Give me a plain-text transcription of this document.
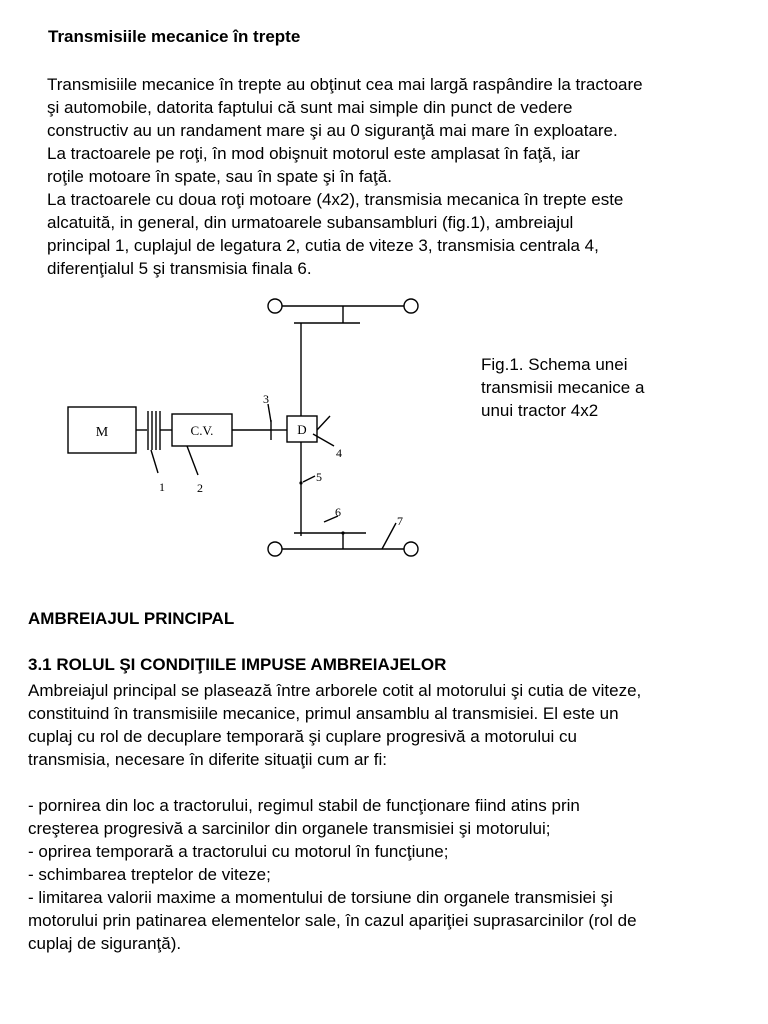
Transmisiile mecanice în trepte
Transmisiile mecanice în trepte au obţinut cea mai largă raspândire la tractoare
şi automobile, datorita faptului că sunt mai simple din punct de vedere
constructiv au un randament mare şi au 0 siguranţă mai mare în exploatare.
La tractoarele pe roţi, în mod obişnuit motorul este amplasat în faţă, iar
roţile motoare în spate, sau în spate şi în faţă.
La tractoarele cu doua roţi motoare (4x2), transmisia mecanica în trepte este
alcatuită, in general, din urmatoarele subansambluri (fig.1), ambreiajul
principal 1, cuplajul de legatura 2, cutia de viteze 3, transmisia centrala 4,
diferenţialul 5 şi transmisia finala 6.
M	C.V.	D
1	2
3
4
5
6
7
Fig.1. Schema unei
transmisii mecanice a
unui tractor 4x2
AMBREIAJUL PRINCIPAL
3.1 ROLUL ŞI CONDIŢIILE IMPUSE AMBREIAJELOR
Ambreiajul principal se plasează între arborele cotit al motorului şi cutia de viteze,
constituind în transmisiile mecanice, primul ansamblu al transmisiei. El este un
cuplaj cu rol de decuplare temporară şi cuplare progresivă a motorului cu
transmisia, necesare în diferite situaţii cum ar fi:
- pornirea din loc a tractorului, regimul stabil de funcţionare fiind atins prin
creşterea progresivă a sarcinilor din organele transmisiei şi motorului;
- oprirea temporară a tractorului cu motorul în funcţiune;
- schimbarea treptelor de viteze;
- limitarea valorii maxime a momentului de torsiune din organele transmisiei şi
motorului prin patinarea elementelor sale, în cazul apariţiei suprasarcinilor (rol de
cuplaj de siguranţă).
